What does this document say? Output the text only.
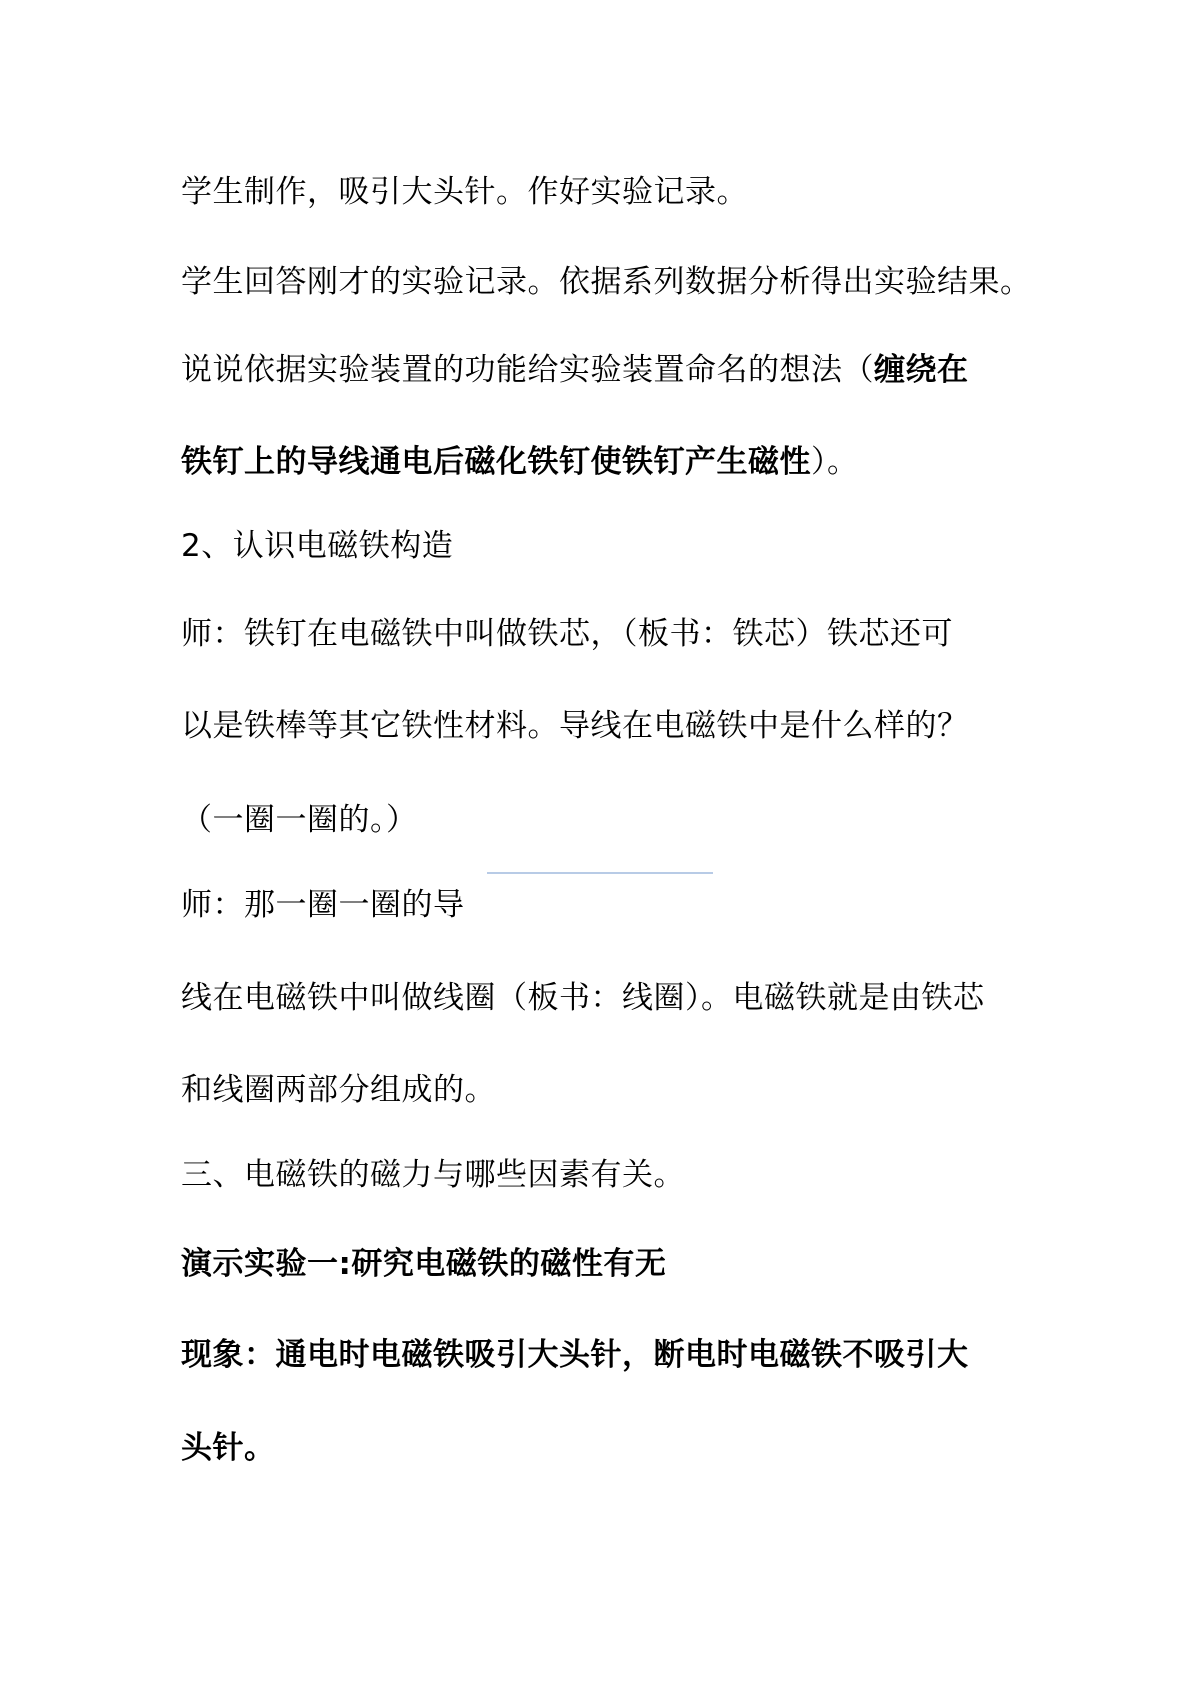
学生制作，吸引大头针。作好实验记录。
学生回答刚才的实验记录。依据系列数据分析得出实验结果。
说说依据实验装置的功能给实验装置命名的想法（缠绕在
铁钉上的导线通电后磁化铁钉使铁钉产生磁性）。
2、认识电磁铁构造
师：铁钉在电磁铁中叫做铁芯，（板书：铁芯）铁芯还可
以是铁棒等其它铁性材料。导线在电磁铁中是什么样的？
（一圈一圈的。）
师：那一圈一圈的导
线在电磁铁中叫做线圈（板书：线圈）。电磁铁就是由铁芯
和线圈两部分组成的。
三、电磁铁的磁力与哪些因素有关。
演示实验一:研究电磁铁的磁性有无
现象：通电时电磁铁吸引大头针，断电时电磁铁不吸引大
头针。
